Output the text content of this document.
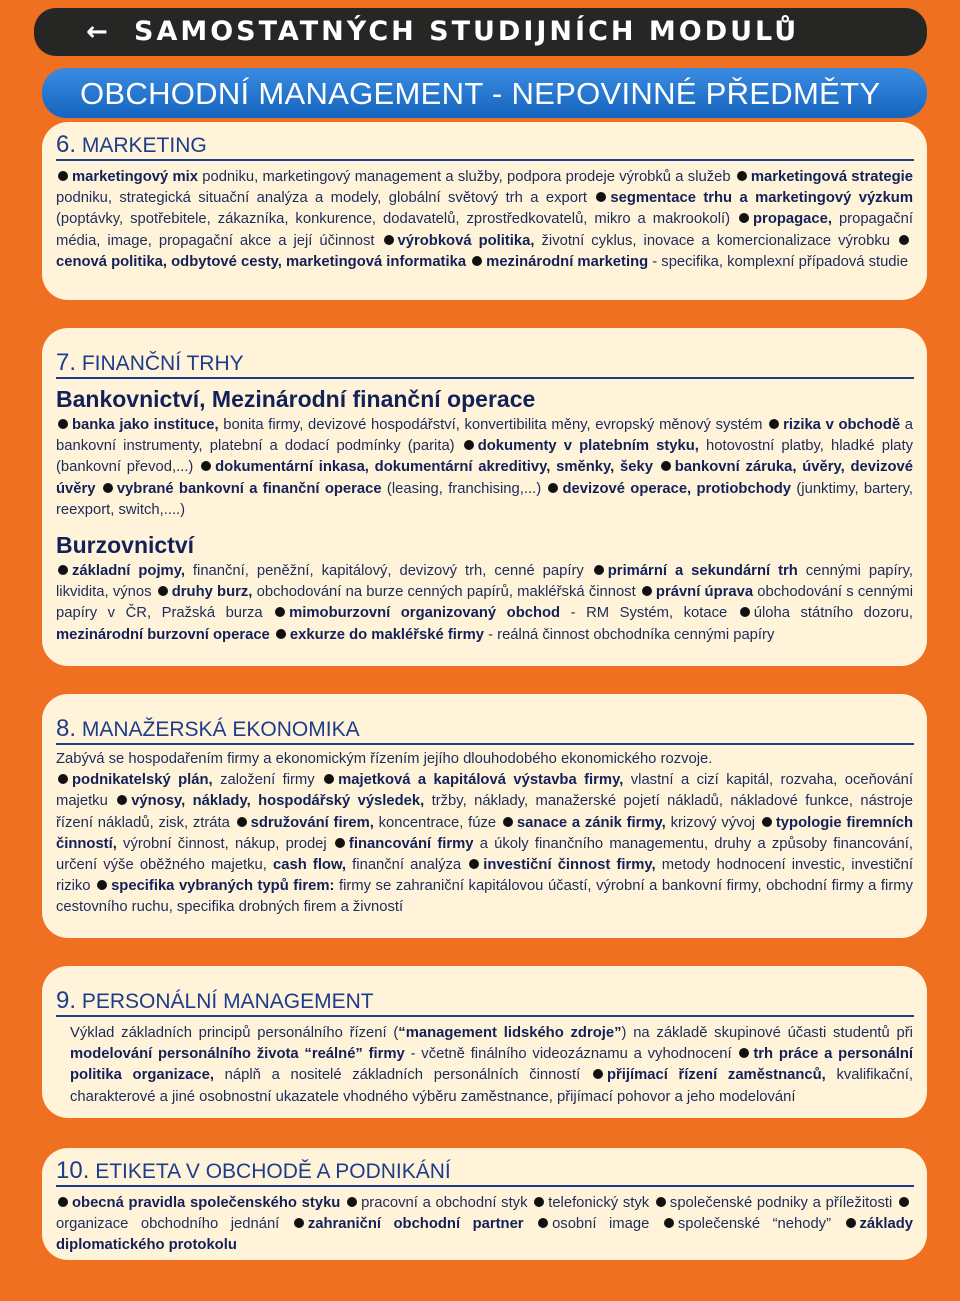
← SAMOSTATNÝCH STUDIJNÍCH MODULŮ
OBCHODNÍ MANAGEMENT - NEPOVINNÉ PŘEDMĚTY
6. MARKETING
marketingový mix podniku, marketingový management a služby, podpora prodeje výrobků a služeb marketingová strategie podniku, strategická situační analýza a modely, globální světový trh a export segmentace trhu a marketingový výzkum (poptávky, spotřebitele, zákazníka, konkurence, dodavatelů, zprostředkovatelů, mikro a makrookolí) propagace, propagační média, image, propagační akce a její účinnost výrobková politika, životní cyklus, inovace a komercionalizace výrobku cenová politika, odbytové cesty, marketingová informatika mezinárodní marketing - specifika, komplexní případová studie
7. FINANČNÍ TRHY
Bankovnictví, Mezinárodní finanční operace
banka jako instituce, bonita firmy, devizové hospodářství, konvertibilita měny, evropský měnový systém rizika v obchodě a bankovní instrumenty, platební a dodací podmínky (parita) dokumenty v platebním styku, hotovostní platby, hladké platy (bankovní převod,...) dokumentární inkasa, dokumentární akreditivy, směnky, šeky bankovní záruka, úvěry, devizové úvěry vybrané bankovní a finanční operace (leasing, franchising,...) devizové operace, protiobchody (junktimy, bartery, reexport, switch,....)
Burzovnictví
základní pojmy, finanční, peněžní, kapitálový, devizový trh, cenné papíry primární a sekundární trh cennými papíry, likvidita, výnos druhy burz, obchodování na burze cenných papírů, makléřská činnost právní úprava obchodování s cennými papíry v ČR, Pražská burza mimoburzovní organizovaný obchod - RM Systém, kotace úloha státního dozoru, mezinárodní burzovní operace exkurze do makléřské firmy - reálná činnost obchodníka cennými papíry
8. MANAŽERSKÁ EKONOMIKA
Zabývá se hospodařením firmy a ekonomickým řízením jejího dlouhodobého ekonomického rozvoje.
podnikatelský plán, založení firmy majetková a kapitálová výstavba firmy, vlastní a cizí kapitál, rozvaha, oceňování majetku výnosy, náklady, hospodářský výsledek, tržby, náklady, manažerské pojetí nákladů, nákladové funkce, nástroje řízení nákladů, zisk, ztráta sdružování firem, koncentrace, fúze sanace a zánik firmy, krizový vývoj typologie firemních činností, výrobní činnost, nákup, prodej financování firmy a úkoly finančního managementu, druhy a způsoby financování, určení výše oběžného majetku, cash flow, finanční analýza investiční činnost firmy, metody hodnocení investic, investiční riziko specifika vybraných typů firem: firmy se zahraniční kapitálovou účastí, výrobní a bankovní firmy, obchodní firmy a firmy cestovního ruchu, specifika drobných firem a živností
9. PERSONÁLNÍ MANAGEMENT
Výklad základních principů personálního řízení (“management lidského zdroje”) na základě skupinové účasti studentů při modelování personálního života “reálné” firmy - včetně finálního videozáznamu a vyhodnocení trh práce a personální politika organizace, náplň a nositelé základních personálních činností přijímací řízení zaměstnanců, kvalifikační, charakterové a jiné osobnostní ukazatele vhodného výběru zaměstnance, přijímací pohovor a jeho modelování
10. ETIKETA V OBCHODĚ A PODNIKÁNÍ
obecná pravidla společenského styku pracovní a obchodní styk telefonický styk společenské podniky a příležitosti organizace obchodního jednání zahraniční obchodní partner osobní image společenské “nehody” základy diplomatického protokolu
